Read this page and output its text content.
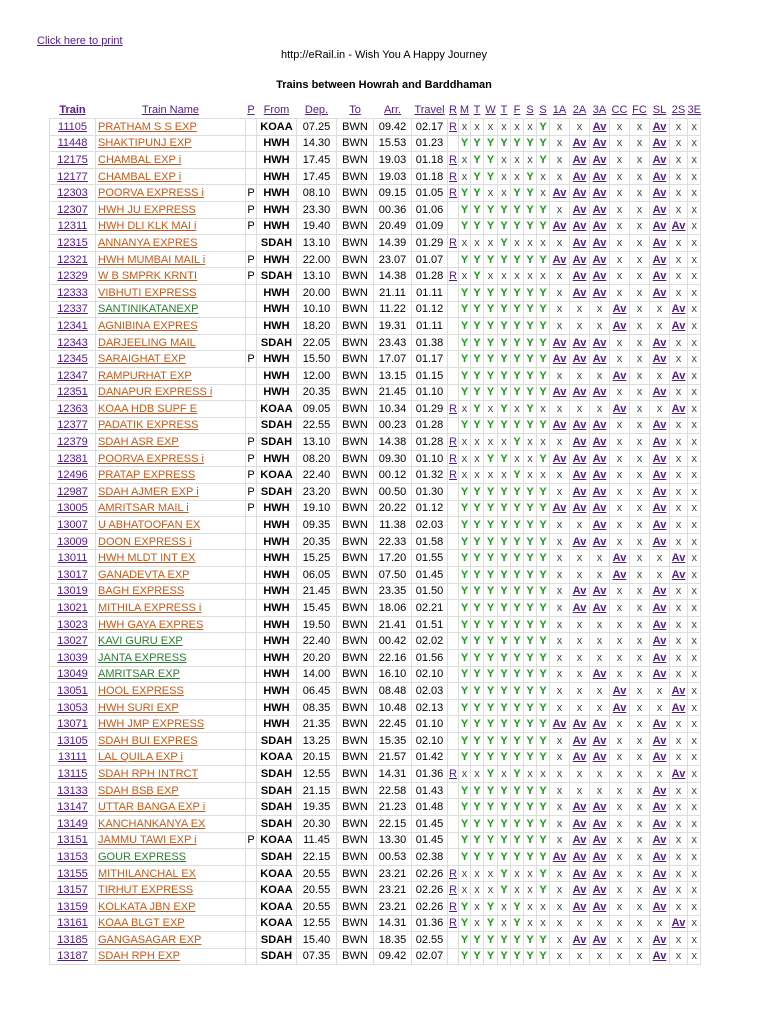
Click here to print
http://eRail.in - Wish You A Happy Journey
Trains between Howrah and Barddhaman
Train	Train Name	P	From	Dep.	To	Arr.	Travel	R	M	T	W	T	F	S	S	1A	2A	3A	CC	FC	SL	2S	3E
11105	PRATHAM S S EXP		KOAA	07.25	BWN	09.42	02.17	R	x	x	x	x	x	x	Y	x	x	Av	x	x	Av	x	x
11448	SHAKTIPUNJ EXP		HWH	14.30	BWN	15.53	01.23		Y	Y	Y	Y	Y	Y	Y	x	Av	Av	x	x	Av	x	x
12175	CHAMBAL EXP i		HWH	17.45	BWN	19.03	01.18	R	x	Y	Y	x	x	x	Y	x	Av	Av	x	x	Av	x	x
12177	CHAMBAL EXP i		HWH	17.45	BWN	19.03	01.18	R	x	Y	Y	x	x	Y	x	x	Av	Av	x	x	Av	x	x
12303	POORVA EXPRESS i	P	HWH	08.10	BWN	09.15	01.05	R	Y	Y	x	x	Y	Y	x	Av	Av	Av	x	x	Av	x	x
12307	HWH JU EXPRESS	P	HWH	23.30	BWN	00.36	01.06		Y	Y	Y	Y	Y	Y	Y	x	Av	Av	x	x	Av	x	x
12311	HWH DLI KLK MAI i	P	HWH	19.40	BWN	20.49	01.09		Y	Y	Y	Y	Y	Y	Y	Av	Av	Av	x	x	Av	Av	x
12315	ANNANYA EXPRES		SDAH	13.10	BWN	14.39	01.29	R	x	x	x	Y	x	x	x	x	Av	Av	x	x	Av	x	x
12321	HWH MUMBAI MAIL i	P	HWH	22.00	BWN	23.07	01.07		Y	Y	Y	Y	Y	Y	Y	Av	Av	Av	x	x	Av	x	x
12329	W B SMPRK KRNTI	P	SDAH	13.10	BWN	14.38	01.28	R	x	Y	x	x	x	x	x	x	Av	Av	x	x	Av	x	x
12333	VIBHUTI EXPRESS		HWH	20.00	BWN	21.11	01.11		Y	Y	Y	Y	Y	Y	Y	x	Av	Av	x	x	Av	x	x
12337	SANTINIKATANEXP		HWH	10.10	BWN	11.22	01.12		Y	Y	Y	Y	Y	Y	Y	x	x	x	Av	x	x	Av	x
12341	AGNIBINA EXPRES		HWH	18.20	BWN	19.31	01.11		Y	Y	Y	Y	Y	Y	Y	x	x	x	Av	x	x	Av	x
12343	DARJEELING MAIL		SDAH	22.05	BWN	23.43	01.38		Y	Y	Y	Y	Y	Y	Y	Av	Av	Av	x	x	Av	x	x
12345	SARAIGHAT EXP	P	HWH	15.50	BWN	17.07	01.17		Y	Y	Y	Y	Y	Y	Y	Av	Av	Av	x	x	Av	x	x
12347	RAMPURHAT EXP		HWH	12.00	BWN	13.15	01.15		Y	Y	Y	Y	Y	Y	Y	x	x	x	Av	x	x	Av	x
12351	DANAPUR EXPRESS i		HWH	20.35	BWN	21.45	01.10		Y	Y	Y	Y	Y	Y	Y	Av	Av	Av	x	x	Av	x	x
12363	KOAA HDB SUPF E		KOAA	09.05	BWN	10.34	01.29	R	x	Y	x	Y	x	Y	x	x	x	x	Av	x	x	Av	x
12377	PADATIK EXPRESS		SDAH	22.55	BWN	00.23	01.28		Y	Y	Y	Y	Y	Y	Y	Av	Av	Av	x	x	Av	x	x
12379	SDAH ASR EXP	P	SDAH	13.10	BWN	14.38	01.28	R	x	x	x	x	Y	x	x	x	Av	Av	x	x	Av	x	x
12381	POORVA EXPRESS i	P	HWH	08.20	BWN	09.30	01.10	R	x	x	Y	Y	x	x	Y	Av	Av	Av	x	x	Av	x	x
12496	PRATAP EXPRESS	P	KOAA	22.40	BWN	00.12	01.32	R	x	x	x	x	Y	x	x	x	Av	Av	x	x	Av	x	x
12987	SDAH AJMER EXP i	P	SDAH	23.20	BWN	00.50	01.30		Y	Y	Y	Y	Y	Y	Y	x	Av	Av	x	x	Av	x	x
13005	AMRITSAR MAIL i	P	HWH	19.10	BWN	20.22	01.12		Y	Y	Y	Y	Y	Y	Y	Av	Av	Av	x	x	Av	x	x
13007	U ABHATOOFAN EX		HWH	09.35	BWN	11.38	02.03		Y	Y	Y	Y	Y	Y	Y	x	x	Av	x	x	Av	x	x
13009	DOON EXPRESS i		HWH	20.35	BWN	22.33	01.58		Y	Y	Y	Y	Y	Y	Y	x	Av	Av	x	x	Av	x	x
13011	HWH MLDT INT EX		HWH	15.25	BWN	17.20	01.55		Y	Y	Y	Y	Y	Y	Y	x	x	x	Av	x	x	Av	x
13017	GANADEVTA EXP		HWH	06.05	BWN	07.50	01.45		Y	Y	Y	Y	Y	Y	Y	x	x	x	Av	x	x	Av	x
13019	BAGH EXPRESS		HWH	21.45	BWN	23.35	01.50		Y	Y	Y	Y	Y	Y	Y	x	Av	Av	x	x	Av	x	x
13021	MITHILA EXPRESS i		HWH	15.45	BWN	18.06	02.21		Y	Y	Y	Y	Y	Y	Y	x	Av	Av	x	x	Av	x	x
13023	HWH GAYA EXPRES		HWH	19.50	BWN	21.41	01.51		Y	Y	Y	Y	Y	Y	Y	x	x	x	x	x	Av	x	x
13027	KAVI GURU EXP		HWH	22.40	BWN	00.42	02.02		Y	Y	Y	Y	Y	Y	Y	x	x	x	x	x	Av	x	x
13039	JANTA EXPRESS		HWH	20.20	BWN	22.16	01.56		Y	Y	Y	Y	Y	Y	Y	x	x	x	x	x	Av	x	x
13049	AMRITSAR EXP		HWH	14.00	BWN	16.10	02.10		Y	Y	Y	Y	Y	Y	Y	x	x	Av	x	x	Av	x	x
13051	HOOL EXPRESS		HWH	06.45	BWN	08.48	02.03		Y	Y	Y	Y	Y	Y	Y	x	x	x	Av	x	x	Av	x
13053	HWH SURI EXP		HWH	08.35	BWN	10.48	02.13		Y	Y	Y	Y	Y	Y	Y	x	x	x	Av	x	x	Av	x
13071	HWH JMP EXPRESS		HWH	21.35	BWN	22.45	01.10		Y	Y	Y	Y	Y	Y	Y	Av	Av	Av	x	x	Av	x	x
13105	SDAH BUI EXPRES		SDAH	13.25	BWN	15.35	02.10		Y	Y	Y	Y	Y	Y	Y	x	Av	Av	x	x	Av	x	x
13111	LAL QUILA EXP i		KOAA	20.15	BWN	21.57	01.42		Y	Y	Y	Y	Y	Y	Y	x	Av	Av	x	x	Av	x	x
13115	SDAH RPH INTRCT		SDAH	12.55	BWN	14.31	01.36	R	x	x	Y	x	Y	x	x	x	x	x	x	x	x	Av	x
13133	SDAH BSB EXP		SDAH	21.15	BWN	22.58	01.43		Y	Y	Y	Y	Y	Y	Y	x	x	x	x	x	Av	x	x
13147	UTTAR BANGA EXP i		SDAH	19.35	BWN	21.23	01.48		Y	Y	Y	Y	Y	Y	Y	x	Av	Av	x	x	Av	x	x
13149	KANCHANKANYA EX		SDAH	20.30	BWN	22.15	01.45		Y	Y	Y	Y	Y	Y	Y	x	Av	Av	x	x	Av	x	x
13151	JAMMU TAWI EXP i	P	KOAA	11.45	BWN	13.30	01.45		Y	Y	Y	Y	Y	Y	Y	x	Av	Av	x	x	Av	x	x
13153	GOUR EXPRESS		SDAH	22.15	BWN	00.53	02.38		Y	Y	Y	Y	Y	Y	Y	Av	Av	Av	x	x	Av	x	x
13155	MITHILANCHAL EX		KOAA	20.55	BWN	23.21	02.26	R	x	x	x	Y	x	x	Y	x	Av	Av	x	x	Av	x	x
13157	TIRHUT EXPRESS		KOAA	20.55	BWN	23.21	02.26	R	x	x	x	Y	x	x	Y	x	Av	Av	x	x	Av	x	x
13159	KOLKATA JBN EXP		KOAA	20.55	BWN	23.21	02.26	R	Y	x	Y	x	Y	x	x	x	Av	Av	x	x	Av	x	x
13161	KOAA BLGT EXP		KOAA	12.55	BWN	14.31	01.36	R	Y	x	Y	x	Y	x	x	x	x	x	x	x	x	Av	x
13185	GANGASAGAR EXP		SDAH	15.40	BWN	18.35	02.55		Y	Y	Y	Y	Y	Y	Y	x	Av	Av	x	x	Av	x	x
13187	SDAH RPH EXP		SDAH	07.35	BWN	09.42	02.07		Y	Y	Y	Y	Y	Y	Y	x	x	x	x	x	Av	x	x
